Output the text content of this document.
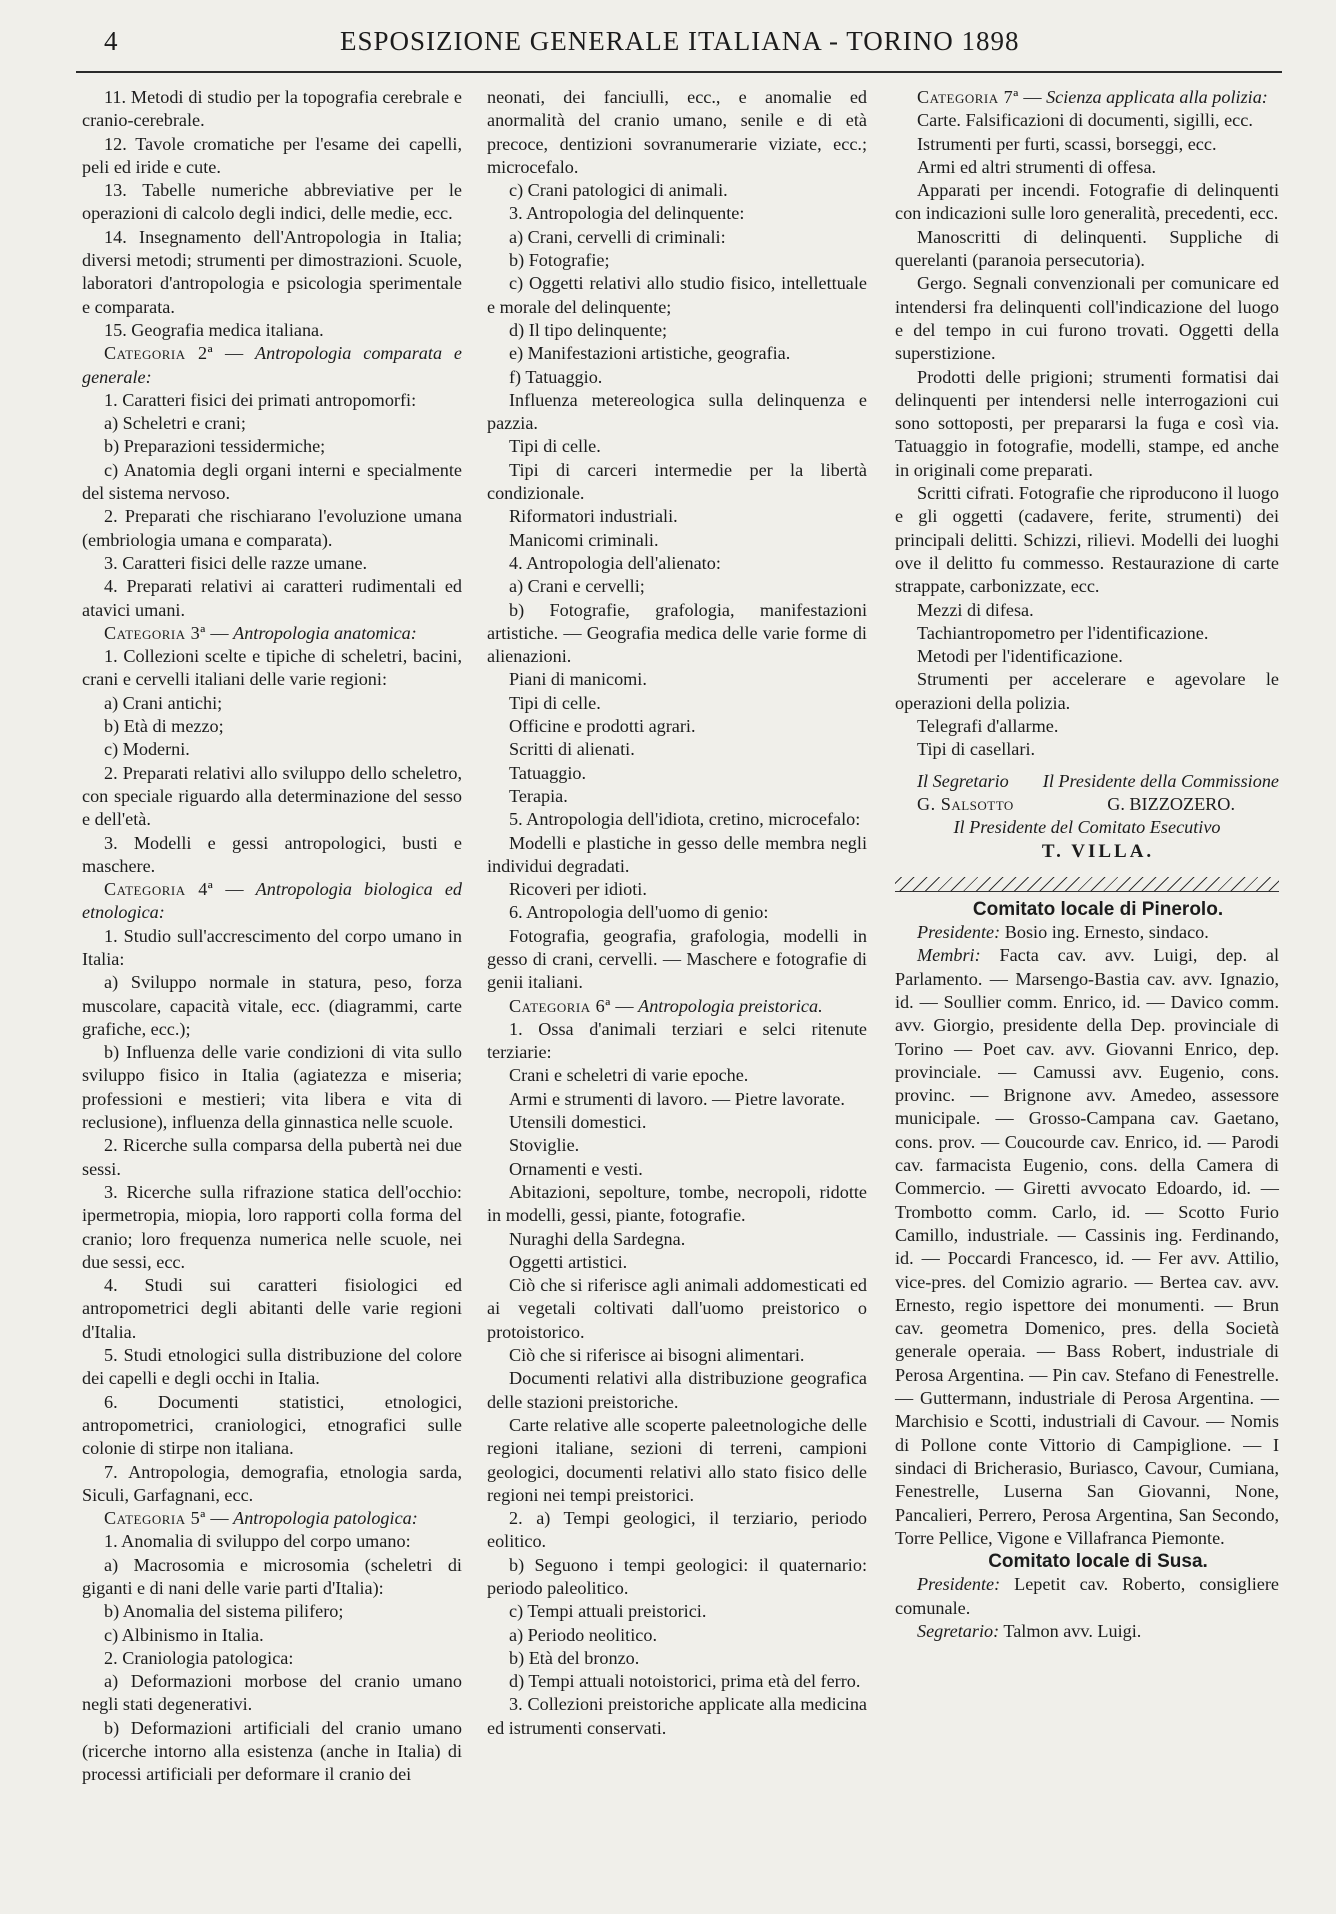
4	ESPOSIZIONE GENERALE ITALIANA - TORINO 1898

11. Metodi di studio per la topografia cerebrale e cranio-cerebrale.

12. Tavole cromatiche per l'esame dei capelli, peli ed iride e cute.

13. Tabelle numeriche abbreviative per le operazioni di calcolo degli indici, delle medie, ecc.

14. Insegnamento dell'Antropologia in Italia; diversi metodi; strumenti per dimostrazioni. Scuole, laboratori d'antropologia e psicologia sperimentale e comparata.

15. Geografia medica italiana.

Categoria 2ª — Antropologia comparata e generale:

1. Caratteri fisici dei primati antropomorfi:

a) Scheletri e crani;

b) Preparazioni tessidermiche;

c) Anatomia degli organi interni e specialmente del sistema nervoso.

2. Preparati che rischiarano l'evoluzione umana (embriologia umana e comparata).

3. Caratteri fisici delle razze umane.

4. Preparati relativi ai caratteri rudimentali ed atavici umani.

Categoria 3ª — Antropologia anatomica:

1. Collezioni scelte e tipiche di scheletri, bacini, crani e cervelli italiani delle varie regioni:

a) Crani antichi;

b) Età di mezzo;

c) Moderni.

2. Preparati relativi allo sviluppo dello scheletro, con speciale riguardo alla determinazione del sesso e dell'età.

3. Modelli e gessi antropologici, busti e maschere.

Categoria 4ª — Antropologia biologica ed etnologica:

1. Studio sull'accrescimento del corpo umano in Italia:

a) Sviluppo normale in statura, peso, forza muscolare, capacità vitale, ecc. (diagrammi, carte grafiche, ecc.);

b) Influenza delle varie condizioni di vita sullo sviluppo fisico in Italia (agiatezza e miseria; professioni e mestieri; vita libera e vita di reclusione), influenza della ginnastica nelle scuole.

2. Ricerche sulla comparsa della pubertà nei due sessi.

3. Ricerche sulla rifrazione statica dell'occhio: ipermetropia, miopia, loro rapporti colla forma del cranio; loro frequenza numerica nelle scuole, nei due sessi, ecc.

4. Studi sui caratteri fisiologici ed antropometrici degli abitanti delle varie regioni d'Italia.

5. Studi etnologici sulla distribuzione del colore dei capelli e degli occhi in Italia.

6. Documenti statistici, etnologici, antropometrici, craniologici, etnografici sulle colonie di stirpe non italiana.

7. Antropologia, demografia, etnologia sarda, Siculi, Garfagnani, ecc.

Categoria 5ª — Antropologia patologica:

1. Anomalia di sviluppo del corpo umano:

a) Macrosomia e microsomia (scheletri di giganti e di nani delle varie parti d'Italia):

b) Anomalia del sistema pilifero;

c) Albinismo in Italia.

2. Craniologia patologica:

a) Deformazioni morbose del cranio umano negli stati degenerativi.

b) Deformazioni artificiali del cranio umano (ricerche intorno alla esistenza (anche in Italia) di processi artificiali per deformare il cranio dei

neonati, dei fanciulli, ecc., e anomalie ed anormalità del cranio umano, senile e di età precoce, dentizioni sovranumerarie viziate, ecc.; microcefalo.

c) Crani patologici di animali.

3. Antropologia del delinquente:

a) Crani, cervelli di criminali:

b) Fotografie;

c) Oggetti relativi allo studio fisico, intellettuale e morale del delinquente;

d) Il tipo delinquente;

e) Manifestazioni artistiche, geografia.

f) Tatuaggio.

Influenza metereologica sulla delinquenza e pazzia.

Tipi di celle.

Tipi di carceri intermedie per la libertà condizionale.

Riformatori industriali.

Manicomi criminali.

4. Antropologia dell'alienato:

a) Crani e cervelli;

b) Fotografie, grafologia, manifestazioni artistiche. — Geografia medica delle varie forme di alienazioni.

Piani di manicomi.

Tipi di celle.

Officine e prodotti agrari.

Scritti di alienati.

Tatuaggio.

Terapia.

5. Antropologia dell'idiota, cretino, microcefalo:

Modelli e plastiche in gesso delle membra negli individui degradati.

Ricoveri per idioti.

6. Antropologia dell'uomo di genio:

Fotografia, geografia, grafologia, modelli in gesso di crani, cervelli. — Maschere e fotografie di genii italiani.

Categoria 6ª — Antropologia preistorica.

1. Ossa d'animali terziari e selci ritenute terziarie:

Crani e scheletri di varie epoche.

Armi e strumenti di lavoro. — Pietre lavorate.

Utensili domestici.

Stoviglie.

Ornamenti e vesti.

Abitazioni, sepolture, tombe, necropoli, ridotte in modelli, gessi, piante, fotografie.

Nuraghi della Sardegna.

Oggetti artistici.

Ciò che si riferisce agli animali addomesticati ed ai vegetali coltivati dall'uomo preistorico o protoistorico.

Ciò che si riferisce ai bisogni alimentari.

Documenti relativi alla distribuzione geografica delle stazioni preistoriche.

Carte relative alle scoperte paleetnologiche delle regioni italiane, sezioni di terreni, campioni geologici, documenti relativi allo stato fisico delle regioni nei tempi preistorici.

2. a) Tempi geologici, il terziario, periodo eolitico.

b) Seguono i tempi geologici: il quaternario: periodo paleolitico.

c) Tempi attuali preistorici.

a) Periodo neolitico.

b) Età del bronzo.

d) Tempi attuali notoistorici, prima età del ferro.

3. Collezioni preistoriche applicate alla medicina ed istrumenti conservati.

Categoria 7ª — Scienza applicata alla polizia:

Carte. Falsificazioni di documenti, sigilli, ecc.

Istrumenti per furti, scassi, borseggi, ecc.

Armi ed altri strumenti di offesa.

Apparati per incendi. Fotografie di delinquenti con indicazioni sulle loro generalità, precedenti, ecc.

Manoscritti di delinquenti. Suppliche di querelanti (paranoia persecutoria).

Gergo. Segnali convenzionali per comunicare ed intendersi fra delinquenti coll'indicazione del luogo e del tempo in cui furono trovati. Oggetti della superstizione.

Prodotti delle prigioni; strumenti formatisi dai delinquenti per intendersi nelle interrogazioni cui sono sottoposti, per prepararsi la fuga e così via. Tatuaggio in fotografie, modelli, stampe, ed anche in originali come preparati.

Scritti cifrati. Fotografie che riproducono il luogo e gli oggetti (cadavere, ferite, strumenti) dei principali delitti. Schizzi, rilievi. Modelli dei luoghi ove il delitto fu commesso. Restaurazione di carte strappate, carbonizzate, ecc.

Mezzi di difesa.

Tachiantropometro per l'identificazione.

Metodi per l'identificazione.

Strumenti per accelerare e agevolare le operazioni della polizia.

Telegrafi d'allarme.

Tipi di casellari.

Il Segretario	Il Presidente della Commissione

G. Salsotto	G. BIZZOZERO.

Il Presidente del Comitato Esecutivo

T. VILLA.

Comitato locale di Pinerolo.

Presidente: Bosio ing. Ernesto, sindaco.

Membri: Facta cav. avv. Luigi, dep. al Parlamento. — Marsengo-Bastia cav. avv. Ignazio, id. — Soullier comm. Enrico, id. — Davico comm. avv. Giorgio, presidente della Dep. provinciale di Torino — Poet cav. avv. Giovanni Enrico, dep. provinciale. — Camussi avv. Eugenio, cons. provinc. — Brignone avv. Amedeo, assessore municipale. — Grosso-Campana cav. Gaetano, cons. prov. — Coucourde cav. Enrico, id. — Parodi cav. farmacista Eugenio, cons. della Camera di Commercio. — Giretti avvocato Edoardo, id. — Trombotto comm. Carlo, id. — Scotto Furio Camillo, industriale. — Cassinis ing. Ferdinando, id. — Poccardi Francesco, id. — Fer avv. Attilio, vice-pres. del Comizio agrario. — Bertea cav. avv. Ernesto, regio ispettore dei monumenti. — Brun cav. geometra Domenico, pres. della Società generale operaia. — Bass Robert, industriale di Perosa Argentina. — Pin cav. Stefano di Fenestrelle. — Guttermann, industriale di Perosa Argentina. — Marchisio e Scotti, industriali di Cavour. — Nomis di Pollone conte Vittorio di Campiglione. — I sindaci di Bricherasio, Buriasco, Cavour, Cumiana, Fenestrelle, Luserna San Giovanni, None, Pancalieri, Perrero, Perosa Argentina, San Secondo, Torre Pellice, Vigone e Villafranca Piemonte.

Comitato locale di Susa.

Presidente: Lepetit cav. Roberto, consigliere comunale.

Segretario: Talmon avv. Luigi.
